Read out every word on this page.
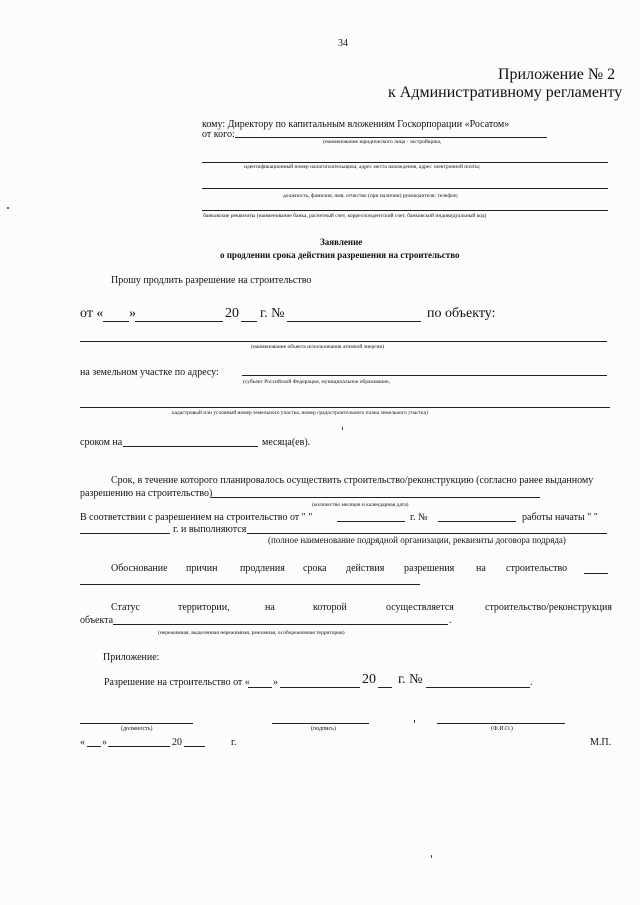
34
Приложение № 2
к Административному регламенту
кому: Директору по капитальным вложениям Госкорпорации «Росатом»
от кого:
(наименование юридического лица - застройщика,
идентификационный номер налогоплательщика, адрес места нахождения, адрес электронной почты;
должность, фамилия, имя, отчество (при наличии) руководителя; телефон;
банковские реквизиты (наименование банка, расчетный счет, корреспондентский счет, банковский индивидуальный код)
Заявление
о продлении срока действия разрешения на строительство
Прошу продлить разрешение на строительство
от « »	20 г. №	по объекту:
(наименование объекта использования атомной энергии)
на земельном участке по адресу:
(субъект Российской Федерации, муниципальное образование,
кадастровый или условный номер земельного участка, номер градостроительного плана земельного участка)
сроком на	месяца(ев).
Срок, в течение которого планировалось осуществить строительство/реконструкцию (согласно ранее выданному
разрешению на строительство)
(количество месяцев и календарная дата)
В соответствии с разрешением на строительство от " "	г. №	работы начаты " "
г. и выполняются
(полное наименование подрядной организации, реквизиты договора подряда)
Обоснование причин продления срока действия разрешения на строительство
Статус	территории,	на	которой	осуществляется	строительство/реконструкция
объекта	.
(нережимная, выделенная нережимная, режимная, особорежимная территория)
Приложение:
Разрешение на строительство от « »	20 г. №	.
(должность)	(подпись)	(Ф.И.О.)
« »	20	г.	М.П.
